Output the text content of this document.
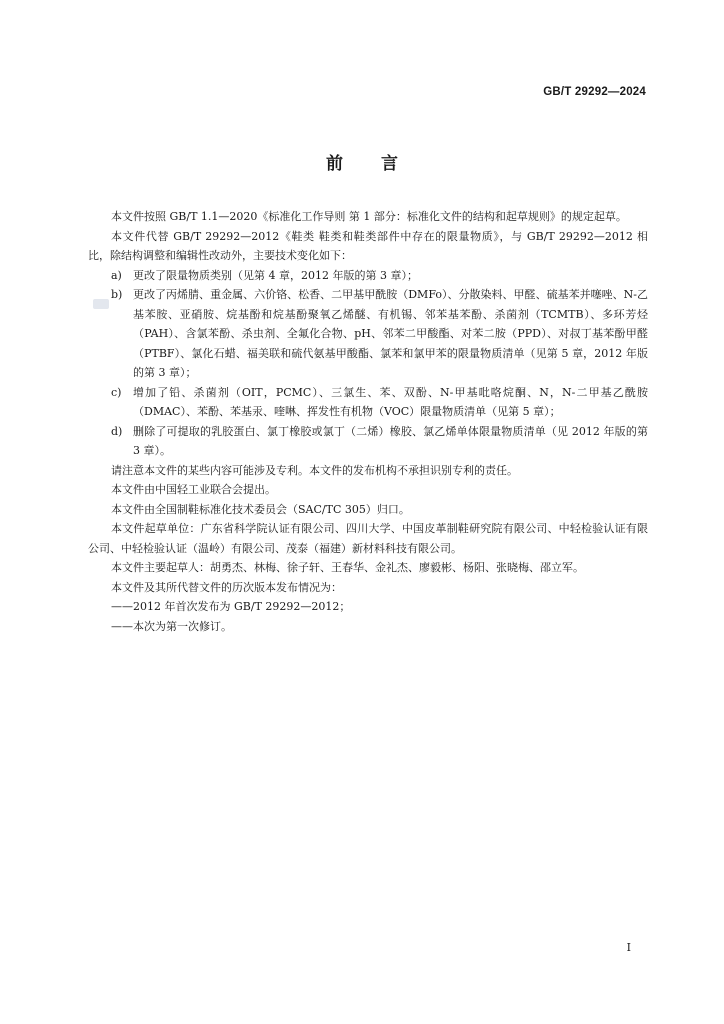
GB/T 29292—2024
前言

本文件按照 GB/T 1.1—2020《标准化工作导则 第 1 部分：标准化文件的结构和起草规则》的规定起草。

本文件代替 GB/T 29292—2012《鞋类 鞋类和鞋类部件中存在的限量物质》，与 GB/T 29292—2012 相比，除结构调整和编辑性改动外，主要技术变化如下：

a) 更改了限量物质类别（见第 4 章，2012 年版的第 3 章）；

b) 更改了丙烯腈、重金属、六价铬、松香、二甲基甲酰胺（DMFo）、分散染料、甲醛、硫基苯并噻唑、N-乙基苯胺、亚硝胺、烷基酚和烷基酚聚氧乙烯醚、有机锡、邻苯基苯酚、杀菌剂（TCMTB）、多环芳烃（PAH）、含氯苯酚、杀虫剂、全氟化合物、pH、邻苯二甲酸酯、对苯二胺（PPD）、对叔丁基苯酚甲醛（PTBF）、氯化石蜡、福美联和硫代氨基甲酸酯、氯苯和氯甲苯的限量物质清单（见第 5 章，2012 年版的第 3 章）；

c) 增加了铅、杀菌剂（OIT，PCMC）、三氯生、苯、双酚、N-甲基吡咯烷酮、N，N-二甲基乙酰胺（DMAC）、苯酚、苯基汞、喹啉、挥发性有机物（VOC）限量物质清单（见第 5 章）；

d) 删除了可提取的乳胶蛋白、氯丁橡胶或氯丁（二烯）橡胶、氯乙烯单体限量物质清单（见 2012 年版的第 3 章）。

请注意本文件的某些内容可能涉及专利。本文件的发布机构不承担识别专利的责任。

本文件由中国轻工业联合会提出。

本文件由全国制鞋标准化技术委员会（SAC/TC 305）归口。

本文件起草单位：广东省科学院认证有限公司、四川大学、中国皮革制鞋研究院有限公司、中轻检验认证有限公司、中轻检验认证（温岭）有限公司、茂泰（福建）新材料科技有限公司。

本文件主要起草人：胡勇杰、林梅、徐子轩、王春华、金礼杰、廖毅彬、杨阳、张晓梅、邵立军。

本文件及其所代替文件的历次版本发布情况为：

——2012 年首次发布为 GB/T 29292—2012；

——本次为第一次修订。

I
